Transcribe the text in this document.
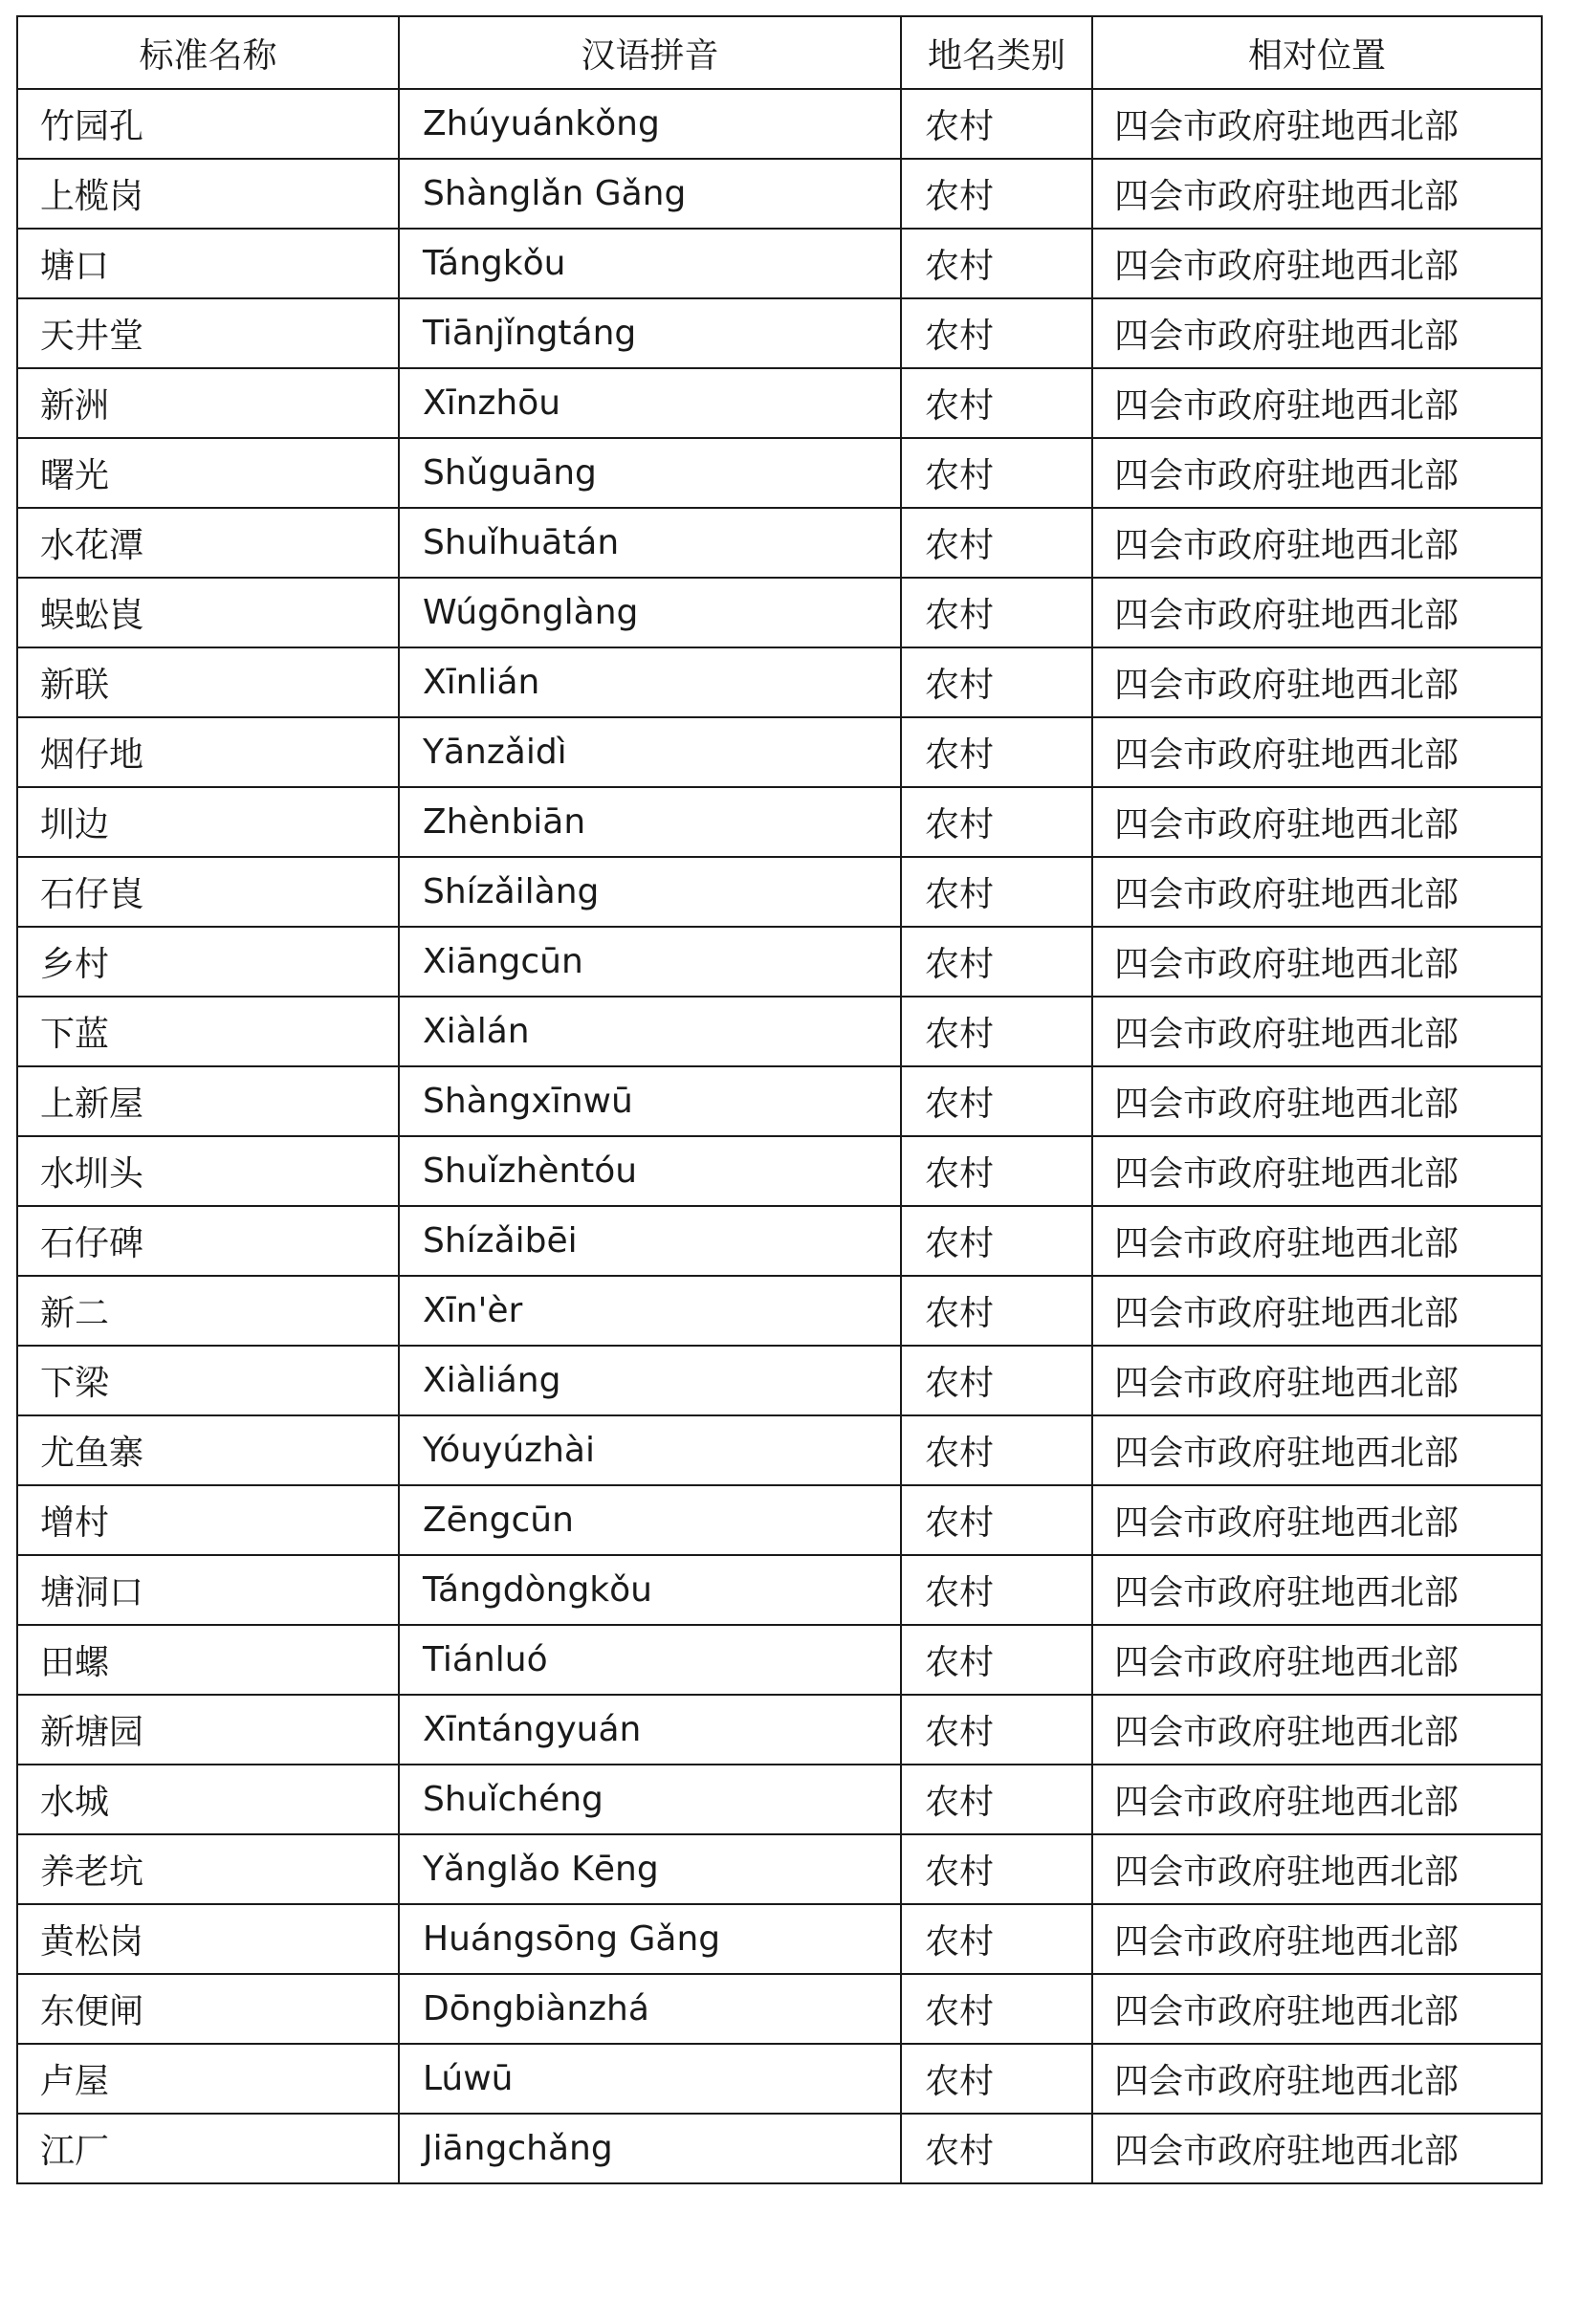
标准名称	汉语拼音	地名类别	相对位置
竹园孔	Zhúyuánkǒng	农村	四会市政府驻地西北部
上榄岗	Shànglǎn Gǎng	农村	四会市政府驻地西北部
塘口	Tángkǒu	农村	四会市政府驻地西北部
天井堂	Tiānjǐngtáng	农村	四会市政府驻地西北部
新洲	Xīnzhōu	农村	四会市政府驻地西北部
曙光	Shǔguāng	农村	四会市政府驻地西北部
水花潭	Shuǐhuātán	农村	四会市政府驻地西北部
蜈蚣崀	Wúgōnglàng	农村	四会市政府驻地西北部
新联	Xīnlián	农村	四会市政府驻地西北部
烟仔地	Yānzǎidì	农村	四会市政府驻地西北部
圳边	Zhènbiān	农村	四会市政府驻地西北部
石仔崀	Shízǎilàng	农村	四会市政府驻地西北部
乡村	Xiāngcūn	农村	四会市政府驻地西北部
下蓝	Xiàlán	农村	四会市政府驻地西北部
上新屋	Shàngxīnwū	农村	四会市政府驻地西北部
水圳头	Shuǐzhèntóu	农村	四会市政府驻地西北部
石仔碑	Shízǎibēi	农村	四会市政府驻地西北部
新二	Xīn'èr	农村	四会市政府驻地西北部
下梁	Xiàliáng	农村	四会市政府驻地西北部
尤鱼寨	Yóuyúzhài	农村	四会市政府驻地西北部
增村	Zēngcūn	农村	四会市政府驻地西北部
塘洞口	Tángdòngkǒu	农村	四会市政府驻地西北部
田螺	Tiánluó	农村	四会市政府驻地西北部
新塘园	Xīntángyuán	农村	四会市政府驻地西北部
水城	Shuǐchéng	农村	四会市政府驻地西北部
养老坑	Yǎnglǎo Kēng	农村	四会市政府驻地西北部
黄松岗	Huángsōng Gǎng	农村	四会市政府驻地西北部
东便闸	Dōngbiànzhá	农村	四会市政府驻地西北部
卢屋	Lúwū	农村	四会市政府驻地西北部
江厂	Jiāngchǎng	农村	四会市政府驻地西北部
